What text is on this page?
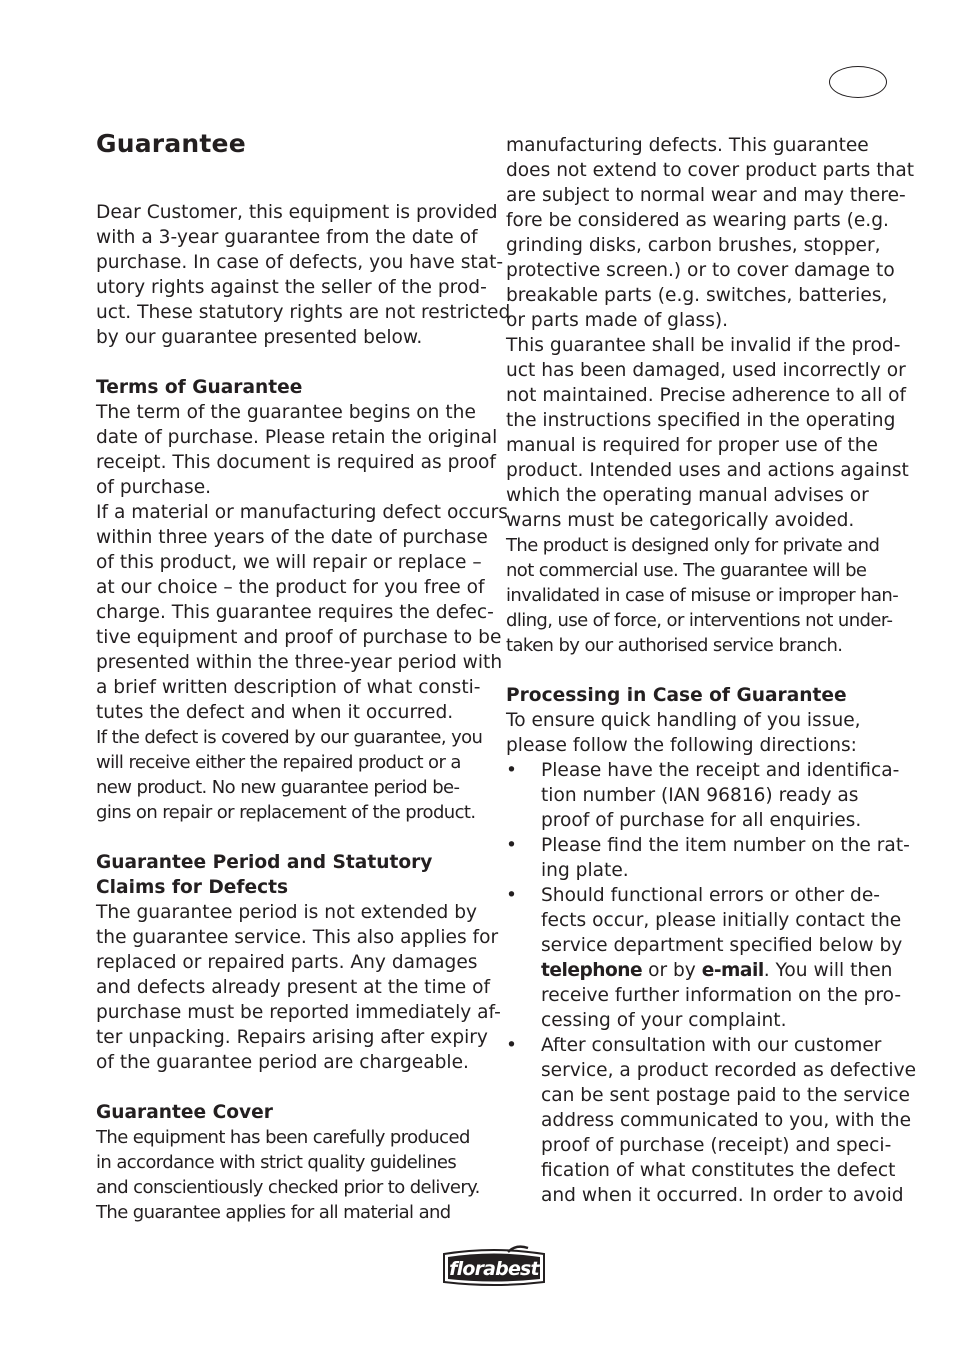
Guarantee

Dear Customer, this equipment is provided
with a 3-year guarantee from the date of
purchase. In case of defects, you have stat-
utory rights against the seller of the prod-
uct. These statutory rights are not restricted
by our guarantee presented below.

Terms of Guarantee

The term of the guarantee begins on the
date of purchase. Please retain the original
receipt. This document is required as proof
of purchase.

If a material or manufacturing defect occurs
within three years of the date of purchase
of this product, we will repair or replace –
at our choice – the product for you free of
charge. This guarantee requires the defec-
tive equipment and proof of purchase to be
presented within the three-year period with
a brief written description of what consti-
tutes the defect and when it occurred.

If the defect is covered by our guarantee, you
will receive either the repaired product or a
new product. No new guarantee period be-
gins on repair or replacement of the product.

Guarantee Period and Statutory
Claims for Defects

The guarantee period is not extended by
the guarantee service. This also applies for
replaced or repaired parts. Any damages
and defects already present at the time of
purchase must be reported immediately af-
ter unpacking. Repairs arising after expiry
of the guarantee period are chargeable.

Guarantee Cover

The equipment has been carefully produced
in accordance with strict quality guidelines
and conscientiously checked prior to delivery.
The guarantee applies for all material and

manufacturing defects. This guarantee
does not extend to cover product parts that
are subject to normal wear and may there-
fore be considered as wearing parts (e.g.
grinding disks, carbon brushes, stopper,
protective screen.) or to cover damage to
breakable parts (e.g. switches, batteries,
or parts made of glass).

This guarantee shall be invalid if the prod-
uct has been damaged, used incorrectly or
not maintained. Precise adherence to all of
the instructions specified in the operating
manual is required for proper use of the
product. Intended uses and actions against
which the operating manual advises or
warns must be categorically avoided.

The product is designed only for private and
not commercial use. The guarantee will be
invalidated in case of misuse or improper han-
dling, use of force, or interventions not under-
taken by our authorised service branch.

Processing in Case of Guarantee

To ensure quick handling of you issue,
please follow the following directions:

• Please have the receipt and identifica-
tion number (IAN 96816) ready as
proof of purchase for all enquiries.
• Please find the item number on the rat-
ing plate.
• Should functional errors or other de-
fects occur, please initially contact the
service department specified below by
telephone or by e-mail. You will then
receive further information on the pro-
cessing of your complaint.
• After consultation with our customer
service, a product recorded as defective
can be sent postage paid to the service
address communicated to you, with the
proof of purchase (receipt) and speci-
fication of what constitutes the defect
and when it occurred. In order to avoid
florabest
